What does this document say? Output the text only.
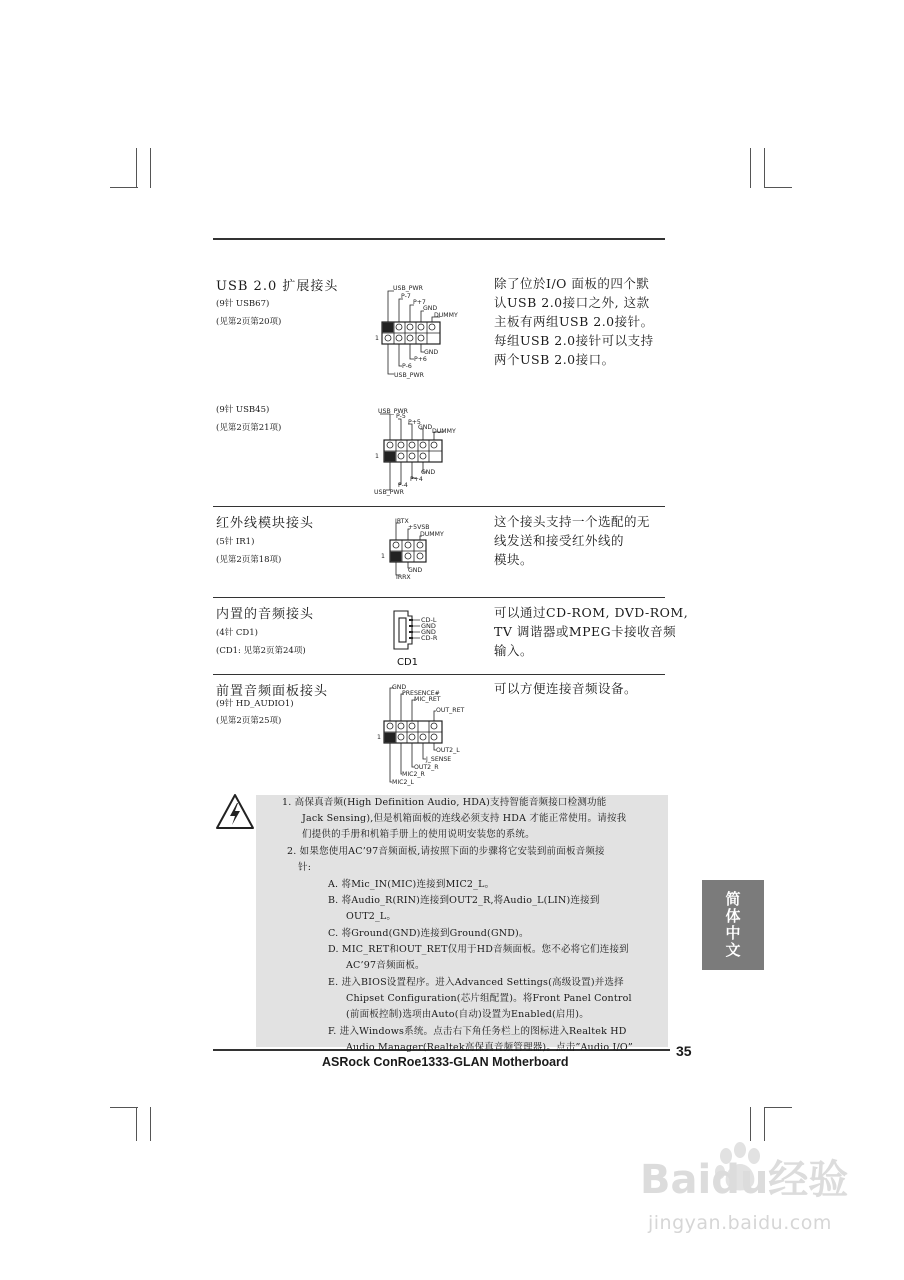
USB 2.0 扩展接头
(9针 USB67)
(见第2页第20项)
除了位於I/O 面板的四个默
认USB 2.0接口之外, 这款
主板有两组USB 2.0接针。
每组USB 2.0接针可以支持
两个USB 2.0接口。
USB_PWR
P-7
P+7
GND
DUMMY
GND
P+6
P-6
USB_PWR
1
(9针 USB45)
(见第2页第21项)
USB_PWR
P-5
P+5
GND
DUMMY
GND
P+4
P-4
USB_PWR
1
红外线模块接头
(5针 IR1)
(见第2页第18项)
这个接头支持一个选配的无
线发送和接受红外线的
模块。
IRTX
+5VSB
DUMMY
GND
IRRX
1
内置的音频接头
(4针 CD1)
(CD1: 见第2页第24项)
可以通过CD-ROM, DVD-ROM,
TV 调谐器或MPEG卡接收音频
输入。
CD-L
GND
GND
CD-R
CD1
前置音频面板接头
(9针 HD_AUDIO1)
(见第2页第25项)
可以方便连接音频设备。
GND
PRESENCE#
MIC_RET
OUT_RET
OUT2_L
J_SENSE
OUT2_R
MIC2_R
MIC2_L
1
1. 高保真音频(High Definition Audio, HDA)支持智能音频接口检测功能
Jack Sensing),但是机箱面板的连线必须支持 HDA 才能正常使用。请按我
们提供的手册和机箱手册上的使用说明安装您的系统。
2. 如果您使用AC’97音频面板,请按照下面的步骤将它安装到前面板音频接
针:
A. 将Mic_IN(MIC)连接到MIC2_L。
B. 将Audio_R(RIN)连接到OUT2_R,将Audio_L(LIN)连接到
OUT2_L。
C. 将Ground(GND)连接到Ground(GND)。
D. MIC_RET和OUT_RET仅用于HD音频面板。您不必将它们连接到
AC’97音频面板。
E. 进入BIOS设置程序。进入Advanced Settings(高级设置)并选择
Chipset Configuration(芯片组配置)。将Front Panel Control
(前面板控制)选项由Auto(自动)设置为Enabled(启用)。
F. 进入Windows系统。点击右下角任务栏上的图标进入Realtek HD
Audio Manager(Realtek高保真音频管理器)。点击”Audio I/O”
简体中文
ASRock ConRoe1333-GLAN Motherboard
35
Baidu经验
jingyan.baidu.com
